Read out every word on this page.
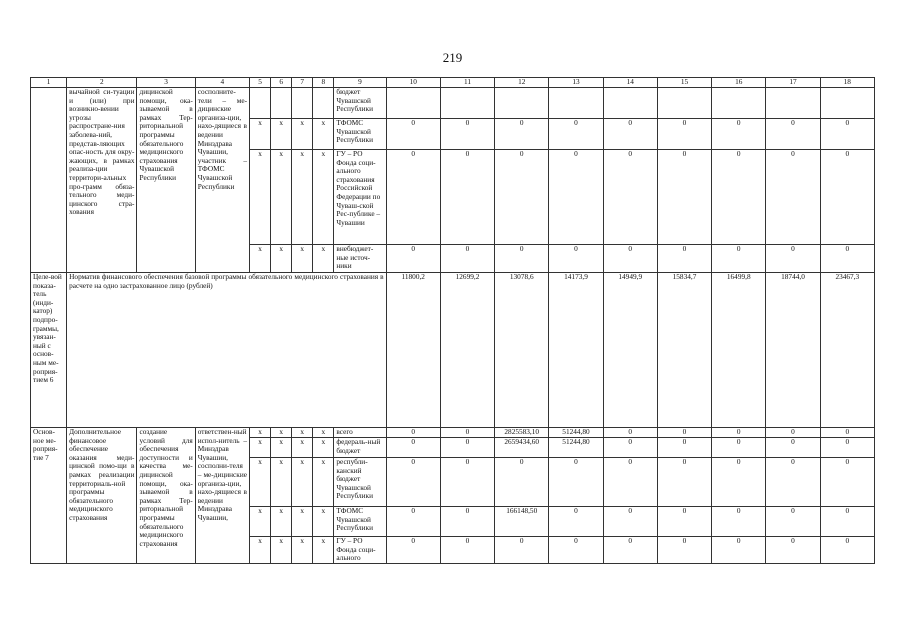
219
1	2	3	4	5	6	7	8	9	10	11	12	13	14	15	16	17	18
	вычайной си-туации и (или) при возникно-вении угрозы распростране-ния заболева-ний, представ-ляющих опас-ность для окру-жающих, в рамках реализа-ции территори-альных про-грамм обяза-тельного меди-цинского стра-хования	дицинской помощи, ока-зываемой в рамках Тер-риториальной программы обязательного медицинского страхования Чувашской Республики	сосполните-тели – ме-дицинские организа-ции, нахо-дящиеся в ведении Минздрава Чувашии, участник – ТФОМС Чувашской Республики					бюджет Чувашской Республики									
				х	х	х	х	ТФОМС Чувашской Республики	0	0	0	0	0	0	0	0	0
				х	х	х	х	ГУ – РО Фонда соци-ального страхования Российской Федерации по Чуваш-ской Рес-публике – Чувашии	0	0	0	0	0	0	0	0	0
				х	х	х	х	внебюджет-ные источ-ники	0	0	0	0	0	0	0	0	0
Целе-вой показа-тель (инди-катор) подпро-граммы, увязан-ный с основ-ным ме-роприя-тием 6	Норматив финансового обеспечения базовой программы обязательного медицинского страхования в расчете на одно застрахованное лицо (рублей)								11800,2	12699,2	13078,6	14173,9	14949,9	15834,7	16499,8	18744,0	23467,3
Основ-ное ме-роприя-тие 7	Дополнительное финансовое обеспечение оказания меди-цинской помо-щи в рамках реализации территориаль-ной программы обязательного медицинского страхования	создание условий для обеспечения доступности и качества ме-дицинской помощи, ока-зываемой в рамках Тер-риториальной программы обязательного медицинского страхования	ответствен-ный испол-нитель – Минздрав Чувашии, сосполни-теля – ме-дицинские организа-ции, нахо-дящиеся в ведении Минздрава Чувашии,	х	х	х	х	всего	0	0	2825583,10	51244,80	0	0	0	0	0
				х	х	х	х	федераль-ный бюджет	0	0	2659434,60	51244,80	0	0	0	0	0
				х	х	х	х	республи-канский бюджет Чувашской Республики	0	0	0	0	0	0	0	0	0
				х	х	х	х	ТФОМС Чувашской Республики	0	0	166148,50	0	0	0	0	0	0
				х	х	х	х	ГУ – РО Фонда соци-ального	0	0	0	0	0	0	0	0	0
